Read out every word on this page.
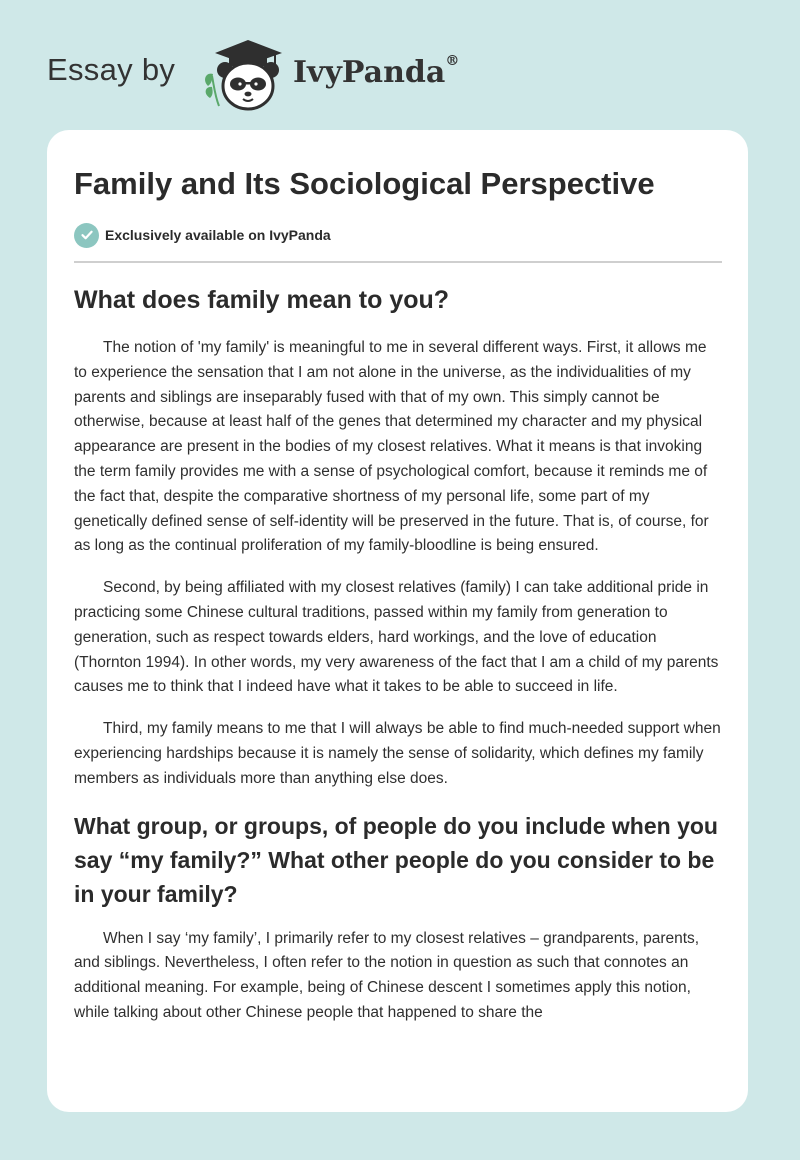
Essay by	IvyPanda®
Family and Its Sociological Perspective
Exclusively available on IvyPanda
What does family mean to you?

The notion of 'my family' is meaningful to me in several different ways. First, it allows me to experience the sensation that I am not alone in the universe, as the individualities of my parents and siblings are inseparably fused with that of my own. This simply cannot be otherwise, because at least half of the genes that determined my character and my physical appearance are present in the bodies of my closest relatives. What it means is that invoking the term family provides me with a sense of psychological comfort, because it reminds me of the fact that, despite the comparative shortness of my personal life, some part of my genetically defined sense of self-identity will be preserved in the future. That is, of course, for as long as the continual proliferation of my family-bloodline is being ensured.

Second, by being affiliated with my closest relatives (family) I can take additional pride in practicing some Chinese cultural traditions, passed within my family from generation to generation, such as respect towards elders, hard workings, and the love of education (Thornton 1994). In other words, my very awareness of the fact that I am a child of my parents causes me to think that I indeed have what it takes to be able to succeed in life.

Third, my family means to me that I will always be able to find much-needed support when experiencing hardships because it is namely the sense of solidarity, which defines my family members as individuals more than anything else does.

What group, or groups, of people do you include when you say “my family?” What other people do you consider to be in your family?

When I say ‘my family’, I primarily refer to my closest relatives – grandparents, parents, and siblings. Nevertheless, I often refer to the notion in question as such that connotes an additional meaning. For example, being of Chinese descent I sometimes apply this notion, while talking about other Chinese people that happened to share the
